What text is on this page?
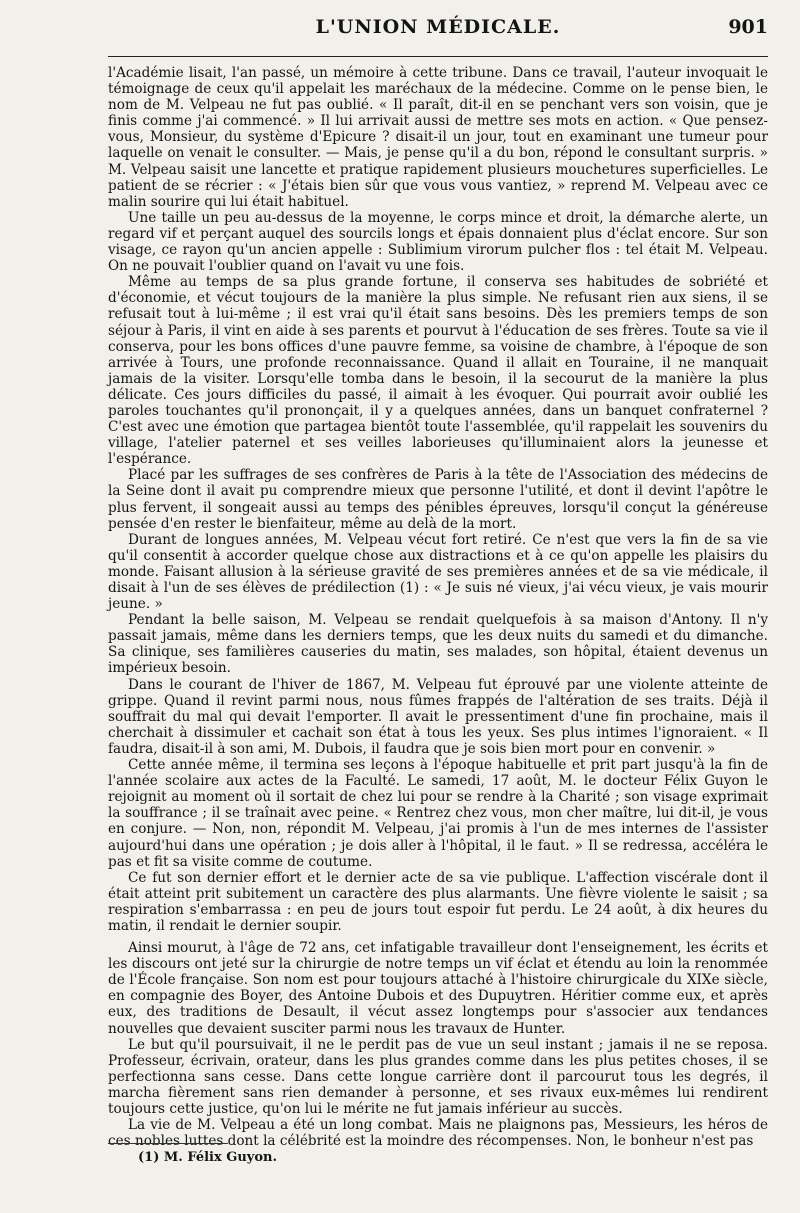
L'UNION MÉDICALE.	901

l'Académie lisait, l'an passé, un mémoire à cette tribune. Dans ce travail, l'auteur invoquait le témoignage de ceux qu'il appelait les maréchaux de la médecine. Comme on le pense bien, le nom de M. Velpeau ne fut pas oublié. « Il paraît, dit-il en se penchant vers son voisin, que je finis comme j'ai commencé. » Il lui arrivait aussi de mettre ses mots en action. « Que pensez-vous, Monsieur, du système d'Epicure ? disait-il un jour, tout en examinant une tumeur pour laquelle on venait le consulter. — Mais, je pense qu'il a du bon, répond le consultant surpris. » M. Velpeau saisit une lancette et pratique rapidement plusieurs mouchetures superficielles. Le patient de se récrier : « J'étais bien sûr que vous vous vantiez, » reprend M. Velpeau avec ce malin sourire qui lui était habituel.

Une taille un peu au-dessus de la moyenne, le corps mince et droit, la démarche alerte, un regard vif et perçant auquel des sourcils longs et épais donnaient plus d'éclat encore. Sur son visage, ce rayon qu'un ancien appelle : Sublimium virorum pulcher flos : tel était M. Velpeau. On ne pouvait l'oublier quand on l'avait vu une fois.

Même au temps de sa plus grande fortune, il conserva ses habitudes de sobriété et d'économie, et vécut toujours de la manière la plus simple. Ne refusant rien aux siens, il se refusait tout à lui-même ; il est vrai qu'il était sans besoins. Dès les premiers temps de son séjour à Paris, il vint en aide à ses parents et pourvut à l'éducation de ses frères. Toute sa vie il conserva, pour les bons offices d'une pauvre femme, sa voisine de chambre, à l'époque de son arrivée à Tours, une profonde reconnaissance. Quand il allait en Touraine, il ne manquait jamais de la visiter. Lorsqu'elle tomba dans le besoin, il la secourut de la manière la plus délicate. Ces jours difficiles du passé, il aimait à les évoquer. Qui pourrait avoir oublié les paroles touchantes qu'il prononçait, il y a quelques années, dans un banquet confraternel ? C'est avec une émotion que partagea bientôt toute l'assemblée, qu'il rappelait les souvenirs du village, l'atelier paternel et ses veilles laborieuses qu'illuminaient alors la jeunesse et l'espérance.

Placé par les suffrages de ses confrères de Paris à la tête de l'Association des médecins de la Seine dont il avait pu comprendre mieux que personne l'utilité, et dont il devint l'apôtre le plus fervent, il songeait aussi au temps des pénibles épreuves, lorsqu'il conçut la généreuse pensée d'en rester le bienfaiteur, même au delà de la mort.

Durant de longues années, M. Velpeau vécut fort retiré. Ce n'est que vers la fin de sa vie qu'il consentit à accorder quelque chose aux distractions et à ce qu'on appelle les plaisirs du monde. Faisant allusion à la sérieuse gravité de ses premières années et de sa vie médicale, il disait à l'un de ses élèves de prédilection (1) : « Je suis né vieux, j'ai vécu vieux, je vais mourir jeune. »

Pendant la belle saison, M. Velpeau se rendait quelquefois à sa maison d'Antony. Il n'y passait jamais, même dans les derniers temps, que les deux nuits du samedi et du dimanche. Sa clinique, ses familières causeries du matin, ses malades, son hôpital, étaient devenus un impérieux besoin.

Dans le courant de l'hiver de 1867, M. Velpeau fut éprouvé par une violente atteinte de grippe. Quand il revint parmi nous, nous fûmes frappés de l'altération de ses traits. Déjà il souffrait du mal qui devait l'emporter. Il avait le pressentiment d'une fin prochaine, mais il cherchait à dissimuler et cachait son état à tous les yeux. Ses plus intimes l'ignoraient. « Il faudra, disait-il à son ami, M. Dubois, il faudra que je sois bien mort pour en convenir. »

Cette année même, il termina ses leçons à l'époque habituelle et prit part jusqu'à la fin de l'année scolaire aux actes de la Faculté. Le samedi, 17 août, M. le docteur Félix Guyon le rejoignit au moment où il sortait de chez lui pour se rendre à la Charité ; son visage exprimait la souffrance ; il se traînait avec peine. « Rentrez chez vous, mon cher maître, lui dit-il, je vous en conjure. — Non, non, répondit M. Velpeau, j'ai promis à l'un de mes internes de l'assister aujourd'hui dans une opération ; je dois aller à l'hôpital, il le faut. » Il se redressa, accéléra le pas et fit sa visite comme de coutume.

Ce fut son dernier effort et le dernier acte de sa vie publique. L'affection viscérale dont il était atteint prit subitement un caractère des plus alarmants. Une fièvre violente le saisit ; sa respiration s'embarrassa : en peu de jours tout espoir fut perdu. Le 24 août, à dix heures du matin, il rendait le dernier soupir.

Ainsi mourut, à l'âge de 72 ans, cet infatigable travailleur dont l'enseignement, les écrits et les discours ont jeté sur la chirurgie de notre temps un vif éclat et étendu au loin la renommée de l'École française. Son nom est pour toujours attaché à l'histoire chirurgicale du XIXe siècle, en compagnie des Boyer, des Antoine Dubois et des Dupuytren. Héritier comme eux, et après eux, des traditions de Desault, il vécut assez longtemps pour s'associer aux tendances nouvelles que devaient susciter parmi nous les travaux de Hunter.

Le but qu'il poursuivait, il ne le perdit pas de vue un seul instant ; jamais il ne se reposa. Professeur, écrivain, orateur, dans les plus grandes comme dans les plus petites choses, il se perfectionna sans cesse. Dans cette longue carrière dont il parcourut tous les degrés, il marcha fièrement sans rien demander à personne, et ses rivaux eux-mêmes lui rendirent toujours cette justice, qu'on lui le mérite ne fut jamais inférieur au succès.

La vie de M. Velpeau a été un long combat. Mais ne plaignons pas, Messieurs, les héros de ces nobles luttes dont la célébrité est la moindre des récompenses. Non, le bonheur n'est pas

(1) M. Félix Guyon.
